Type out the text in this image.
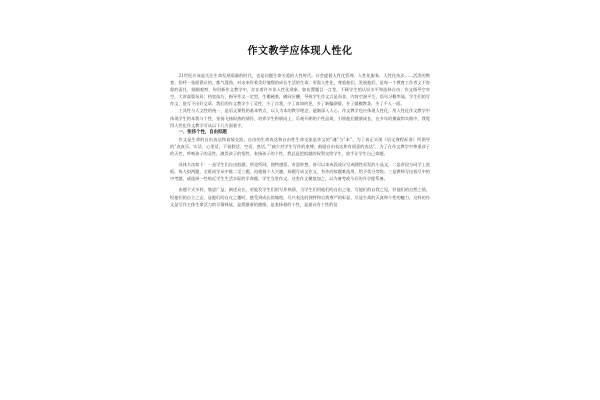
作文教学应体现人性化

21世纪应该是关注生命发展质量的时代，也是问题生命关爱的人性时代。社会提倡人性化管理、人性化服务，人性化执法……活泼的教育，招呼一张面倡议的，都气蓬勃。对未来怀着美好憧憬的成长生活的生命，更需人性化，尊重他们，发展他们，是每一个教育工作者义不容辞的责任，细细观察，你用新作文教学中，存在着许多非人性化现象，如布置题目一言堂，不顾学生的认识水平和选择自由；作文指导空对空，大讲谋篇布局，热衷技巧，指导作文一定型，生搬硬套，随同应酬，导致学生作文言是而非，内容空洞平乏，语句习概率诵，学生们的写作文，批写不出好文章，我们的作文教学少了灵性，少了自我，少了真知灼见，多了新编剧情，多了做模教条，多了千人一面。

工具性与人文性的统一，是语文课程的基本特点，以人为本的教学理念，逐渐深入人心。作文教学也应体现人性化，用人性化作文教学中体现学生的本我与个性，张扬飞扬炽热的情怀，培养学生积极向上、乐观开朗的个性品质，引领他们健康成长，在多年的摸索和实践中，我觉得人性化作文教学可从以下几方面着手。

一、张扬个性，自由拟题

作文是生命的自由表达和真情交流，自由的生命表达和自由性生命交流是作文的“魂”与“本”。为了真正实现《语文课程标准》所倡导的“表真乐、实话、心里话，不说假话、空话、套话，”“减少对学生写作的束缚，鼓励自由表达和有创意的表达”，为了在作文教学中尊重孩子的天性，呼唤孩子的灵性，激发孩子的悟性，张扬孩子的个性，我总是把拟题的权利交给学生，放手让学生自己命题。

具体方法如下：一是学生们自由拟题，所见所闻，独特感悟，奇思妙想，皆可以来成段成议写成随性而发的小品文，二是讲段分同学上黑板，每人拟两题，全班同学从中挑二至三题，再根据个人兴趣，择题写成文作文，有作的拟题难选用，给予奖分等级；三是教师写出拟写中的中考题，或选择一些贴近学生生活实际的半命题，学生当堂作文。这类作文模拟加之，以为备考或今后的升学提系备。

由题不式多样，集思广益，阐述众长，更能发学生们的写作热情，当学生们用他们的自由之笔，写他们的自我之见，抒他们的自然之情，绘他们的自立之志，显她们的自在之趣时，感受到成长的愉悦，尽兴表达的独特和自我尊严的彰显，尽显生命的天真和个性的魅力，这样的作文是写作主体生命活力的尽情释放，是愤激着的激情，是张扬着的个性，是最具有个性的信
